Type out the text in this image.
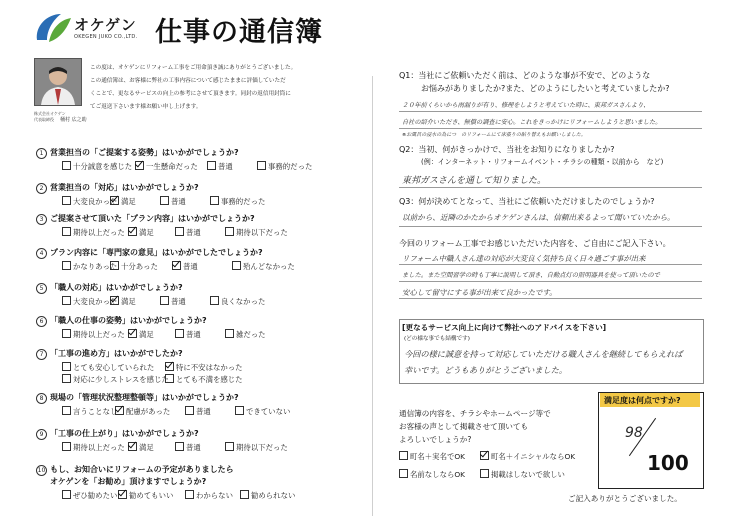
オケゲン
OKEGEN JUKO CO.,LTD. 仕事の通信簿
株式会社オケゲン
代表取締役 桶村 広之助
この度は、オケゲンにリフォーム工事をご用命頂き誠にありがとうございました。
この通信簿は、お客様に弊社の工事内容について感じたままに評価していただ
くことで、更なるサービスの向上の参考にさせて頂きます。同封の返信用封筒に
てご返送下さいます様お願い申し上げます。
1 営業担当の「ご提案する姿勢」はいかがでしょうか?
十分誠意を感じた	一生懸命だった	普通	事務的だった
2 営業担当の「対応」はいかがでしょうか?
大変良かった 満足	普通	事務的だった
3 ご提案させて頂いた「プラン内容」はいかがでしょうか?
期待以上だった	満足	普通	期待以下だった
4 プラン内容に「専門家の意見」はいかがでしたでしょうか?
かなりあった 十分あった	普通	殆んどなかった
5 「職人の対応」はいかがでしょうか?
大変良かった 満足	普通	良くなかった
6 「職人の仕事の姿勢」はいかがでしょうか?
期待以上だった	満足	普通	雑だった
7 「工事の進め方」はいかがでしたか?
とても安心していられた	特に不安はなかった
対応に少しストレスを感じた とても不満を感じた
8 現場の「管理状況整理整頓等」はいかがでしょうか?
言うことなし	配慮があった	普通	できていない
9 「工事の仕上がり」はいかがでしょうか?
期待以上だった	満足	普通	期待以下だった
10 もし、お知合いにリフォームの予定がありましたら
オケゲンを「お勧め」頂けますでしょうか?
ぜひ勧めたい	勧めてもいい	わからない	勧められない
Q1：当社にご依頼いただく前は、どのような事が不安で、どのような
お悩みがありましたか?また、どのようにしたいと考えていましたか?
２０年前くらいから雨漏りが有り、修理をしようと考えていた時に、東邦ガスさんより、
自社の紹介いただき、無償の調査に安心。これをきっかけにリフォームしようと思いました。
※お風呂の浸水の為につ　のリフォームにて床張りの貼り替えもお願いしました。
Q2：当初、何がきっかけで、当社をお知りになりましたか?
(例：インターネット・リフォームイベント・チラシの種類・以前から　など)
東邦ガスさんを通して知りました。
Q3：何が決めてとなって、当社にご依頼いただけましたのでしょうか?
以前から、近隣のかたからオケゲンさんは、信頼出来るよって聞いていたから。
今回のリフォーム工事でお感じいただいた内容を、ご自由にご記入下さい。
リフォーム中職人さん達の対応が大変良く気持ち良く日々過ごす事が出来
ました。また空間習学の時も丁寧に説明して頂き、自動点灯の照明器具を使って頂いたので
安心して留守にする事が出来て良かったです。
[更なるサービス向上に向けて弊社へのアドバイスを下さい]
(どの様な事でも結構です)
今回の様に誠意を持って対応していただける職人さんを継続してもらえれば
幸いです。どうもありがとうございました。
通信簿の内容を、チラシやホームページ等で
お客様の声として掲載させて頂いても
よろしいでしょうか?
町名＋実名でOK	町名＋イニシャルならOK
名前なしならOK	掲載はしないで欲しい
満足度は何点ですか?
98
100
ご記入ありがとうございました。
